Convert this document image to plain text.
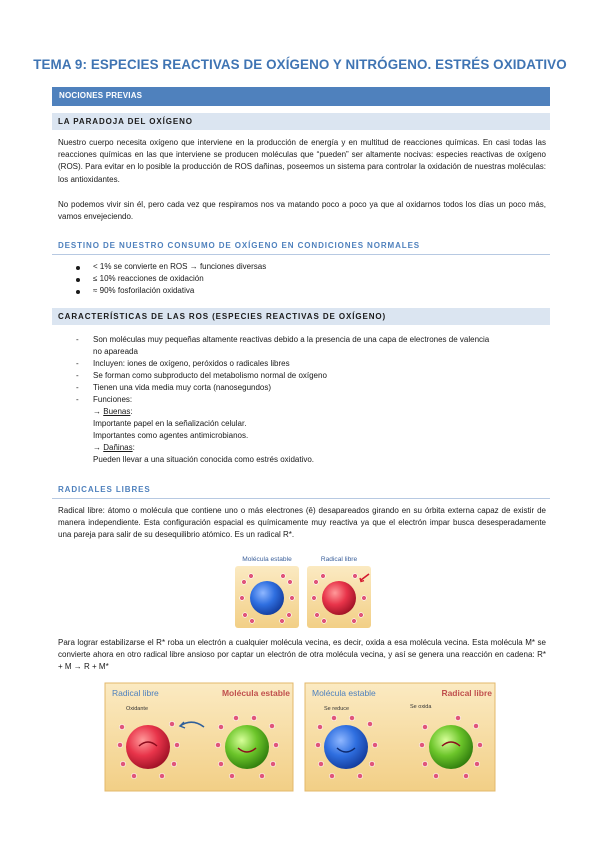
TEMA 9: ESPECIES REACTIVAS DE OXÍGENO Y NITRÓGENO. ESTRÉS OXIDATIVO
NOCIONES PREVIAS
LA PARADOJA DEL OXÍGENO

Nuestro cuerpo necesita oxígeno que interviene en la producción de energía y en multitud de reacciones químicas. En casi todas las reacciones químicas en las que interviene se producen moléculas que “pueden” ser altamente nocivas: especies reactivas de oxígeno (ROS). Para evitar en lo posible la producción de ROS dañinas, poseemos un sistema para controlar la oxidación de nuestras moléculas: los antioxidantes.

No podemos vivir sin él, pero cada vez que respiramos nos va matando poco a poco ya que al oxidarnos todos los días un poco más, vamos envejeciendo.

DESTINO DE NUESTRO CONSUMO DE OXÍGENO EN CONDICIONES NORMALES
< 1% se convierte en ROS → funciones diversas
≤ 10% reacciones de oxidación
≈ 90% fosforilación oxidativa
CARACTERÍSTICAS DE LAS ROS (ESPECIES REACTIVAS DE OXÍGENO)
- Son moléculas muy pequeñas altamente reactivas debido a la presencia de una capa de electrones de valencia
no apareada
- Incluyen: iones de oxígeno, peróxidos o radicales libres
- Se forman como subproducto del metabolismo normal de oxígeno
- Tienen una vida media muy corta (nanosegundos)
- Funciones:
→ Buenas:
Importante papel en la señalización celular.
Importantes como agentes antimicrobianos.
→ Dañinas:
Pueden llevar a una situación conocida como estrés oxidativo.
RADICALES LIBRES

Radical libre: átomo o molécula que contiene uno o más electrones (ē) desapareados girando en su órbita externa capaz de existir de manera independiente. Esta configuración espacial es químicamente muy reactiva ya que el electrón impar busca desesperadamente una pareja para salir de su desequilibrio atómico. Es un radical R*.

Molécula estable	Radical libre

Para lograr estabilizarse el R* roba un electrón a cualquier molécula vecina, es decir, oxida a esa molécula vecina. Esta molécula M* se convierte ahora en otro radical libre ansioso por captar un electrón de otra molécula vecina, y así se genera una reacción en cadena: R* + M → R + M*

Radical libre	Molécula estable
Oxidante
Molécula estable	Radical libre
Se reduce	Se oxida
